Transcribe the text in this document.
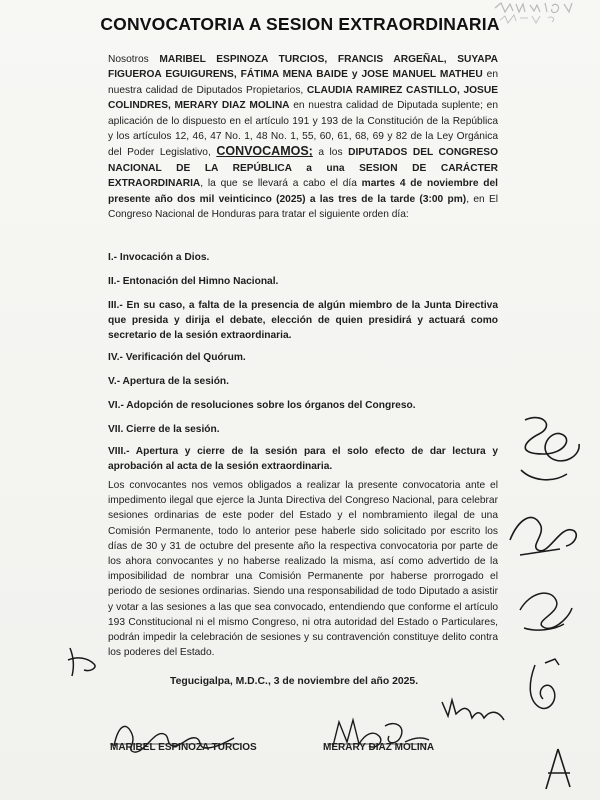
CONVOCATORIA A SESION EXTRAORDINARIA
Nosotros MARIBEL ESPINOZA TURCIOS, FRANCIS ARGEÑAL, SUYAPA FIGUEROA EGUIGURENS, FÁTIMA MENA BAIDE y JOSE MANUEL MATHEU en nuestra calidad de Diputados Propietarios, CLAUDIA RAMIREZ CASTILLO, JOSUE COLINDRES, MERARY DIAZ MOLINA en nuestra calidad de Diputada suplente; en aplicación de lo dispuesto en el artículo 191 y 193 de la Constitución de la República y los artículos 12, 46, 47 No. 1, 48 No. 1, 55, 60, 61, 68, 69 y 82 de la Ley Orgánica del Poder Legislativo, CONVOCAMOS; a los DIPUTADOS DEL CONGRESO NACIONAL DE LA REPÚBLICA a una SESION DE CARÁCTER EXTRAORDINARIA, la que se llevará a cabo el día martes 4 de noviembre del presente año dos mil veinticinco (2025) a las tres de la tarde (3:00 pm), en El Congreso Nacional de Honduras para tratar el siguiente orden día:
I.- Invocación a Dios.
II.- Entonación del Himno Nacional.
III.- En su caso, a falta de la presencia de algún miembro de la Junta Directiva que presida y dirija el debate, elección de quien presidirá y actuará como secretario de la sesión extraordinaria.
IV.- Verificación del Quórum.
V.- Apertura de la sesión.
VI.- Adopción de resoluciones sobre los órganos del Congreso.
VII. Cierre de la sesión.
VIII.- Apertura y cierre de la sesión para el solo efecto de dar lectura y aprobación al acta de la sesión extraordinaria.
Los convocantes nos vemos obligados a realizar la presente convocatoria ante el impedimento ilegal que ejerce la Junta Directiva del Congreso Nacional, para celebrar sesiones ordinarias de este poder del Estado y el nombramiento ilegal de una Comisión Permanente, todo lo anterior pese haberle sido solicitado por escrito los días de 30 y 31 de octubre del presente año la respectiva convocatoria por parte de los ahora convocantes y no haberse realizado la misma, así como advertido de la imposibilidad de nombrar una Comisión Permanente por haberse prorrogado el periodo de sesiones ordinarias. Siendo una responsabilidad de todo Diputado a asistir y votar a las sesiones a las que sea convocado, entendiendo que conforme el artículo 193 Constitucional ni el mismo Congreso, ni otra autoridad del Estado o Particulares, podrán impedir la celebración de sesiones y su contravención constituye delito contra los poderes del Estado.
Tegucigalpa, M.D.C., 3 de noviembre del año 2025.
MARIBEL ESPINOZA TURCIOS	MERARY DIAZ MOLINA
